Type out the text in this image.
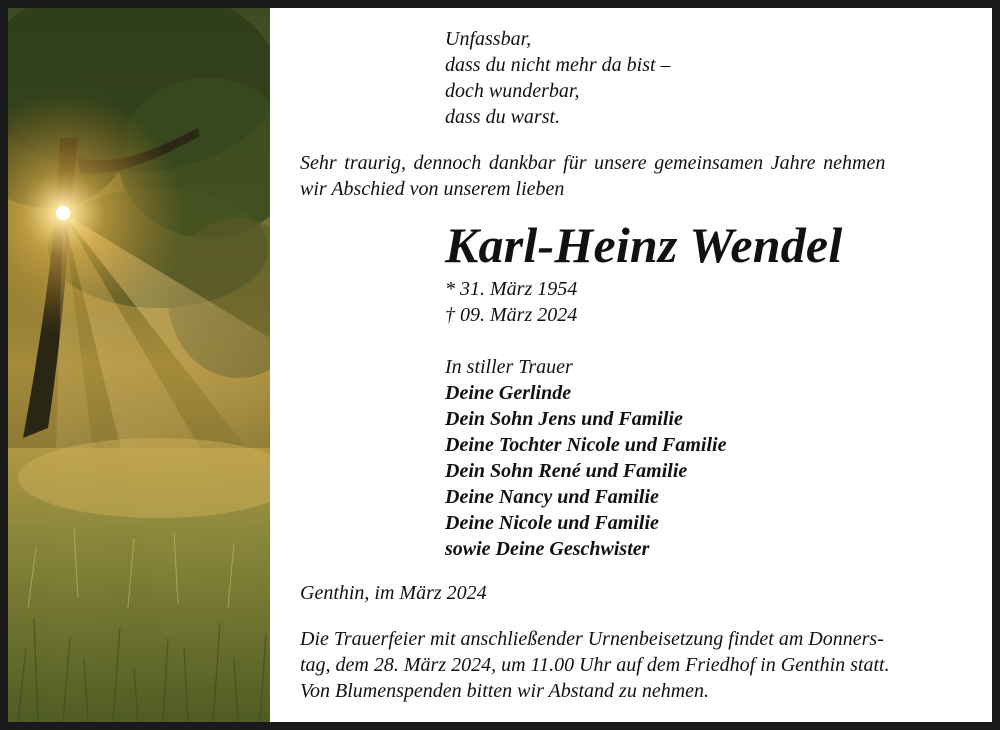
Unfassbar,
dass du nicht mehr da bist –
doch wunderbar,
dass du warst.
Sehr traurig, dennoch dankbar für unsere gemeinsamen Jahre nehmen
wir Abschied von unserem lieben
Karl-Heinz Wendel
* 31. März 1954
† 09. März 2024
In stiller Trauer
Deine Gerlinde
Dein Sohn Jens und Familie
Deine Tochter Nicole und Familie
Dein Sohn René und Familie
Deine Nancy und Familie
Deine Nicole und Familie
sowie Deine Geschwister
Genthin, im März 2024
Die Trauerfeier mit anschließender Urnenbeisetzung findet am Donners-
tag, dem 28. März 2024, um 11.00 Uhr auf dem Friedhof in Genthin statt.
Von Blumenspenden bitten wir Abstand zu nehmen.
